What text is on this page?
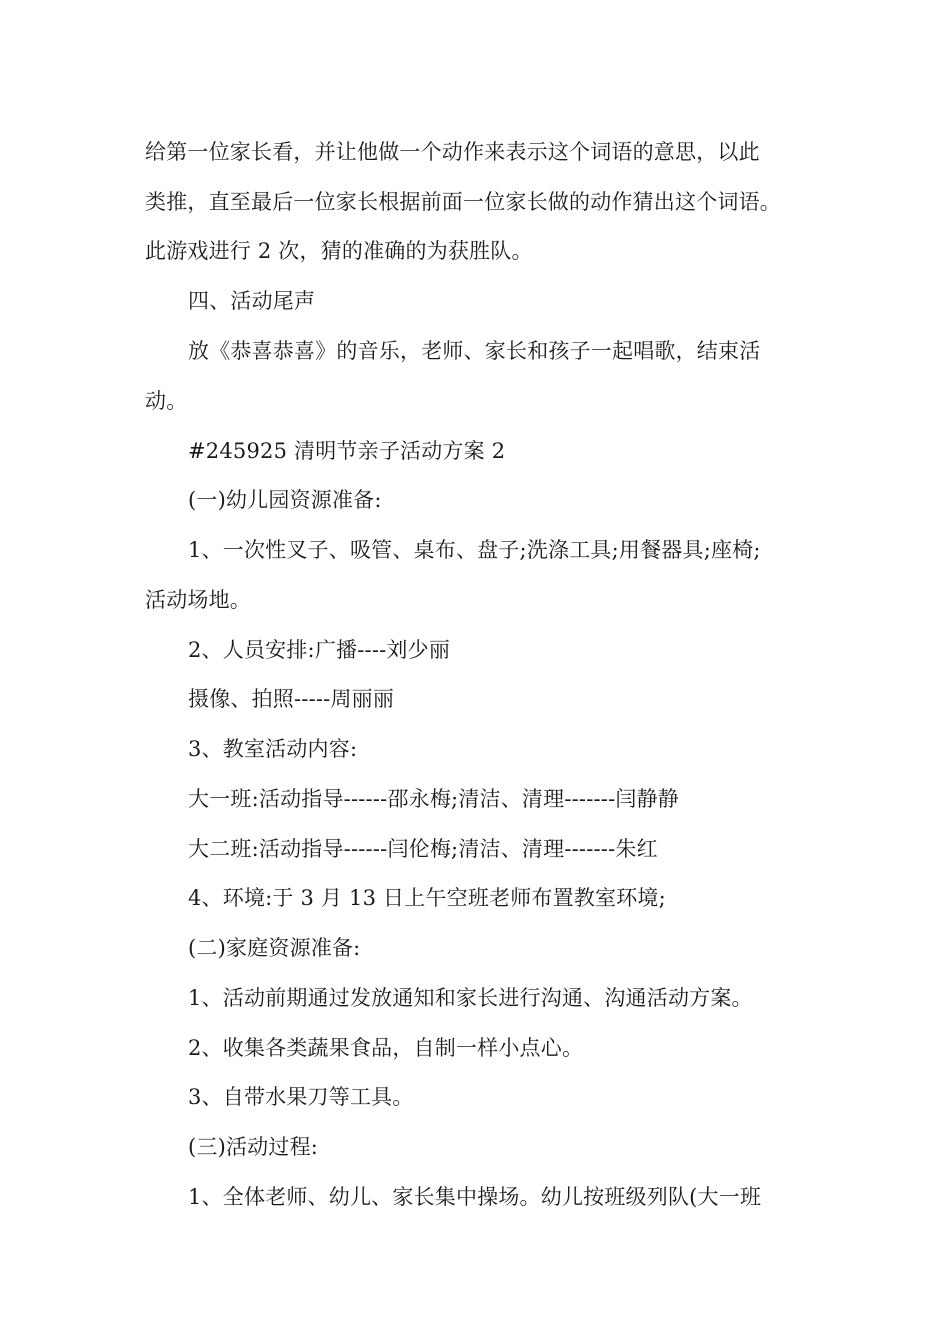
给第一位家长看，并让他做一个动作来表示这个词语的意思，以此
类推，直至最后一位家长根据前面一位家长做的动作猜出这个词语。
此游戏进行 2 次，猜的准确的为获胜队。
四、活动尾声
放《恭喜恭喜》的音乐，老师、家长和孩子一起唱歌，结束活
动。
#245925 清明节亲子活动方案 2
(一)幼儿园资源准备:
1、一次性叉子、吸管、桌布、盘子;洗涤工具;用餐器具;座椅;
活动场地。
2、人员安排:广播----刘少丽
摄像、拍照-----周丽丽
3、教室活动内容:
大一班:活动指导------邵永梅;清洁、清理-------闫静静
大二班:活动指导------闫伦梅;清洁、清理-------朱红
4、环境:于 3 月 13 日上午空班老师布置教室环境;
(二)家庭资源准备:
1、活动前期通过发放通知和家长进行沟通、沟通活动方案。
2、收集各类蔬果食品，自制一样小点心。
3、自带水果刀等工具。
(三)活动过程:
1、全体老师、幼儿、家长集中操场。幼儿按班级列队(大一班
